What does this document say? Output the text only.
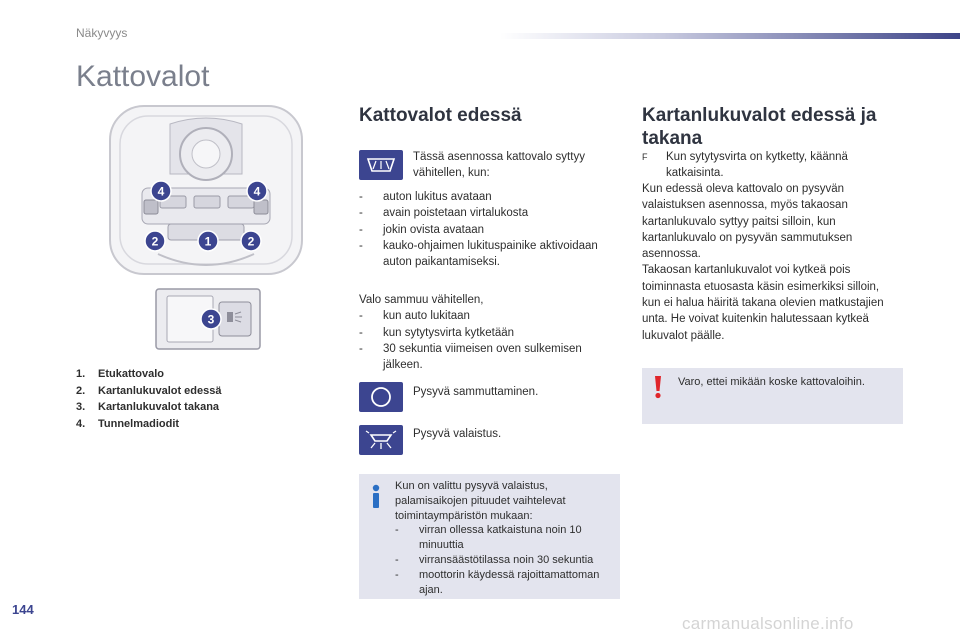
Näkyvyys
Kattovalot
4	4
1
2	2
3
1. Etukattovalo
2. Kartanlukuvalot edessä
3. Kartanlukuvalot takana
4. Tunnelmadiodit
Kattovalot edessä
Tässä asennossa kattovalo syttyy
vähitellen, kun:
- auton lukitus avataan
- avain poistetaan virtalukosta
- jokin ovista avataan
- kauko-ohjaimen lukituspainike aktivoidaan auton paikantamiseksi.
Valo sammuu vähitellen,
- kun auto lukitaan
- kun sytytysvirta kytketään
- 30 sekuntia viimeisen oven sulkemisen jälkeen.
Pysyvä sammuttaminen.
Pysyvä valaistus.
Kun on valittu pysyvä valaistus,
palamisaikojen pituudet vaihtelevat
toimintaympäristön mukaan:
- virran ollessa katkaistuna noin 10 minuuttia
- virransäästötilassa noin 30 sekuntia
- moottorin käydessä rajoittamattoman ajan.
Kartanlukuvalot edessä ja
takana
F	Kun sytytysvirta on kytketty, käännä
katkaisinta.
Kun edessä oleva kattovalo on pysyvän
valaistuksen asennossa, myös takaosan
kartanlukuvalo syttyy paitsi silloin, kun
kartanlukuvalo on pysyvän sammutuksen
asennossa.
Takaosan kartanlukuvalot voi kytkeä pois
toiminnasta etuosasta käsin esimerkiksi silloin,
kun ei halua häiritä takana olevien matkustajien
unta. He voivat kuitenkin halutessaan kytkeä
lukuvalot päälle.
Varo, ettei mikään koske kattovaloihin.
144
carmanualsonline.info
